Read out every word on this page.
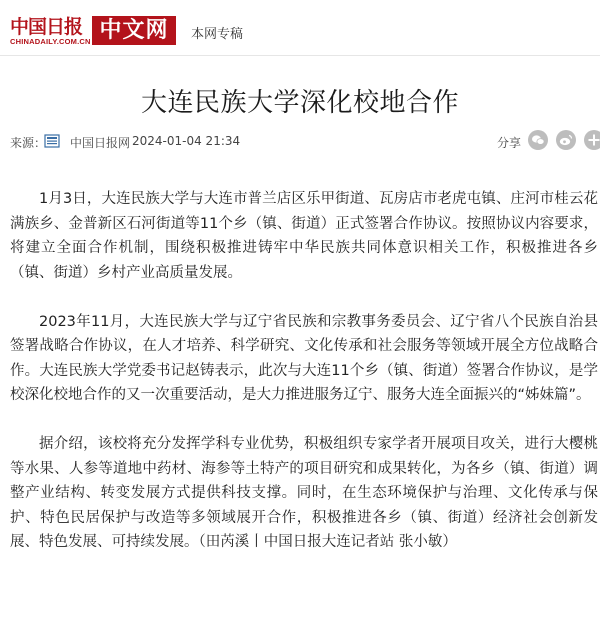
中国日报
CHINADAILY.COM.CN 中文网	本网专稿
大连民族大学深化校地合作
来源： 中国日报网 2024-01-04 21:34	分享

1月3日，大连民族大学与大连市普兰店区乐甲街道、瓦房店市老虎屯镇、庄河市桂云花满族乡、金普新区石河街道等11个乡（镇、街道）正式签署合作协议。按照协议内容要求，将建立全面合作机制，围绕积极推进铸牢中华民族共同体意识相关工作，积极推进各乡（镇、街道）乡村产业高质量发展。

2023年11月，大连民族大学与辽宁省民族和宗教事务委员会、辽宁省八个民族自治县签署战略合作协议，在人才培养、科学研究、文化传承和社会服务等领域开展全方位战略合作。大连民族大学党委书记赵铸表示，此次与大连11个乡（镇、街道）签署合作协议，是学校深化校地合作的又一次重要活动，是大力推进服务辽宁、服务大连全面振兴的“姊妹篇”。

据介绍，该校将充分发挥学科专业优势，积极组织专家学者开展项目攻关，进行大樱桃等水果、人参等道地中药材、海参等土特产的项目研究和成果转化，为各乡（镇、街道）调整产业结构、转变发展方式提供科技支撑。同时，在生态环境保护与治理、文化传承与保护、特色民居保护与改造等多领域展开合作，积极推进各乡（镇、街道）经济社会创新发展、特色发展、可持续发展。（田芮溪丨中国日报大连记者站 张小敏）
